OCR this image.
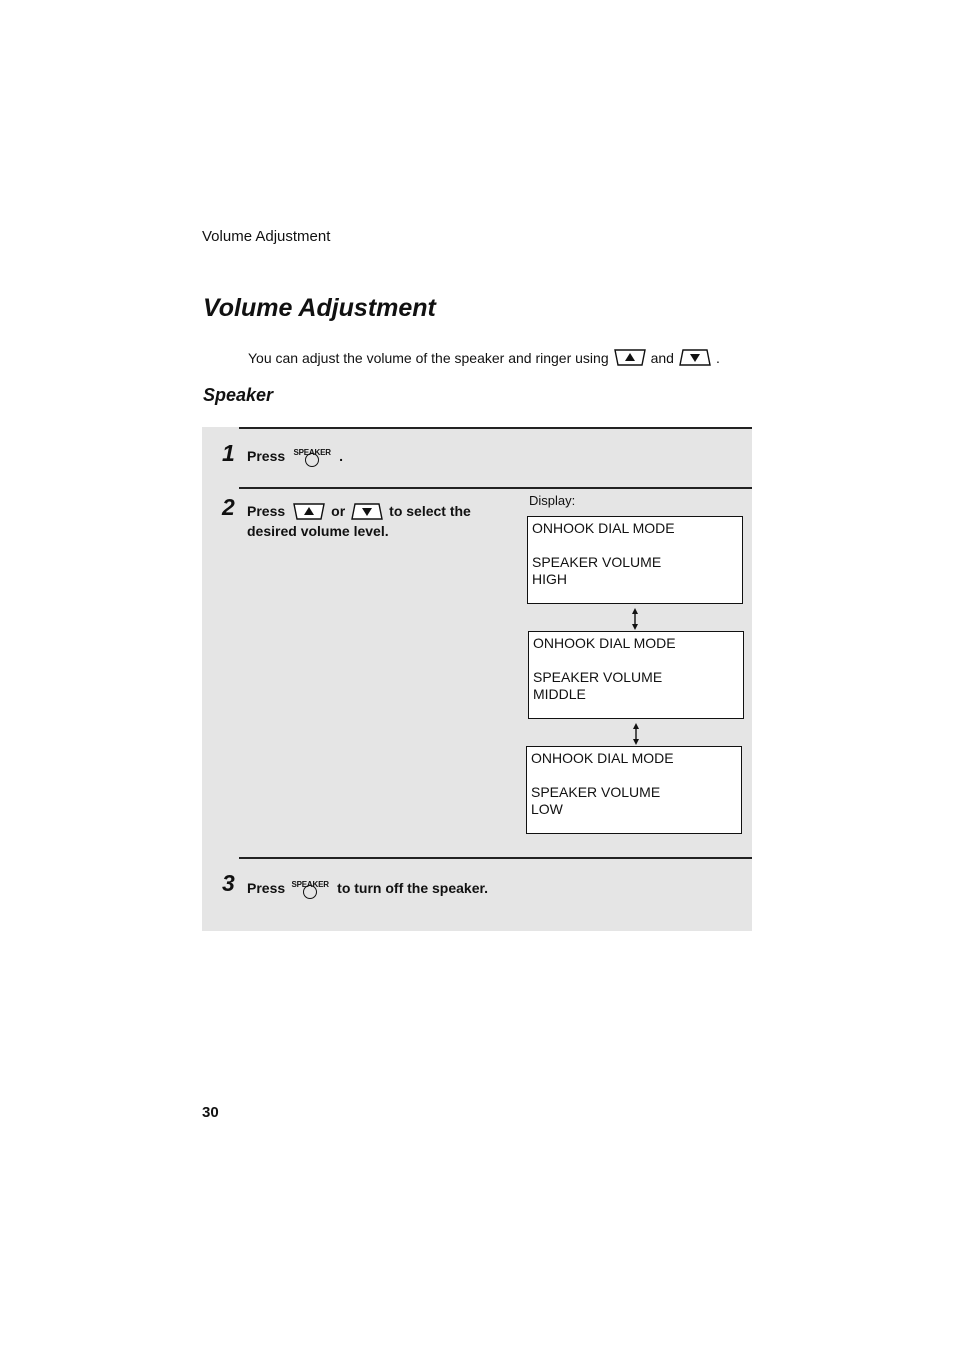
Volume Adjustment
Volume Adjustment
You can adjust the volume of the speaker and ringer using	and	.
Speaker
1 Press SPEAKER .
2 Press	or	to select the
desired volume level.
Display:
ONHOOK DIAL MODE
SPEAKER VOLUME
HIGH
ONHOOK DIAL MODE
SPEAKER VOLUME
MIDDLE
ONHOOK DIAL MODE
SPEAKER VOLUME
LOW
3 Press SPEAKER to turn off the speaker.
30
